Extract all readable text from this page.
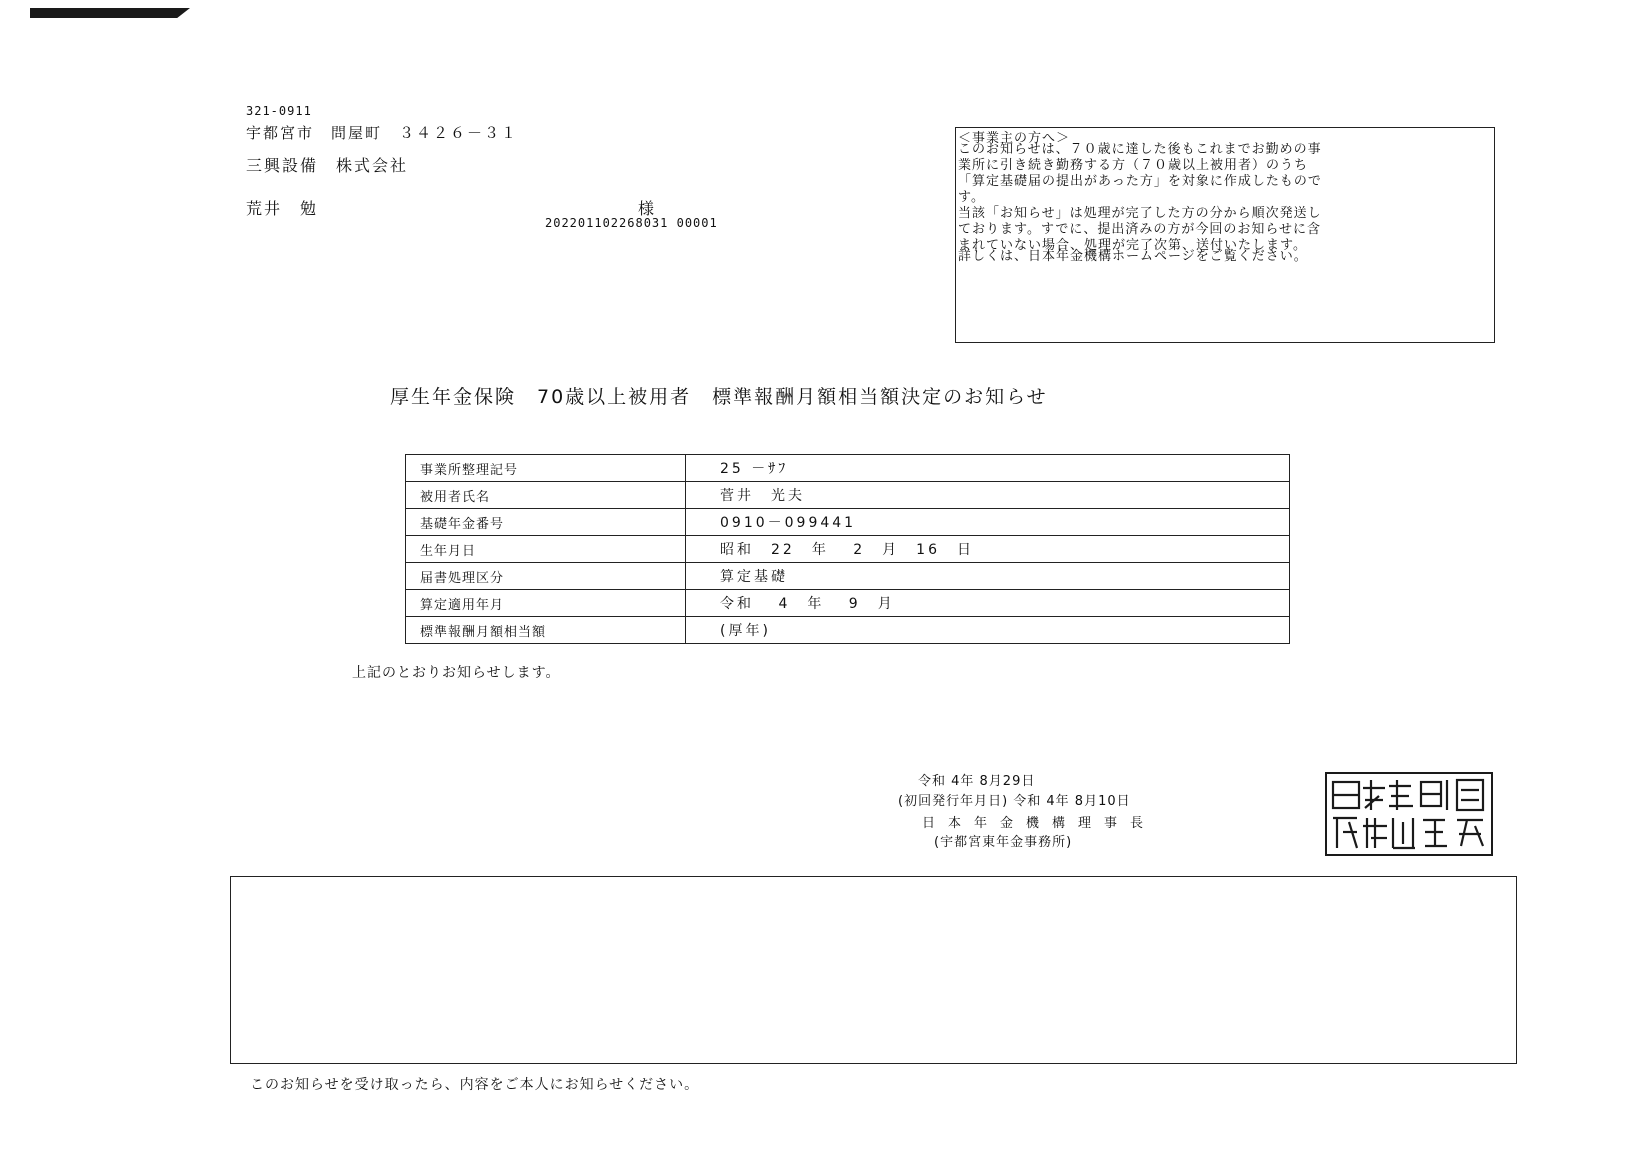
321-0911
宇都宮市　問屋町　３４２６－３１
三興設備　株式会社
荒井　勉	様
202201102268031 00001
＜事業主の方へ＞

このお知らせは、７０歳に達した後もこれまでお勤めの事

業所に引き続き勤務する方（７０歳以上被用者）のうち

「算定基礎届の提出があった方」を対象に作成したもので

す。

当該「お知らせ」は処理が完了した方の分から順次発送し

ております。すでに、提出済みの方が今回のお知らせに含

まれていない場合、処理が完了次第、送付いたします。

詳しくは、日本年金機構ホームページをご覧ください。
厚生年金保険　70歳以上被用者　標準報酬月額相当額決定のお知らせ
事業所整理記号	25 －ｻﾌ
被用者氏名	菅井　光夫
基礎年金番号	0910－099441
生年月日	昭和　22　年　 2　月　16　日
届書処理区分	算定基礎
算定適用年月	令和　 4　年　 9　月
標準報酬月額相当額	(厚年)
上記のとおりお知らせします。
令和 4年 8月29日
(初回発行年月日) 令和 4年 8月10日
日本年金機構理事長
(宇都宮東年金事務所)
このお知らせを受け取ったら、内容をご本人にお知らせください。
